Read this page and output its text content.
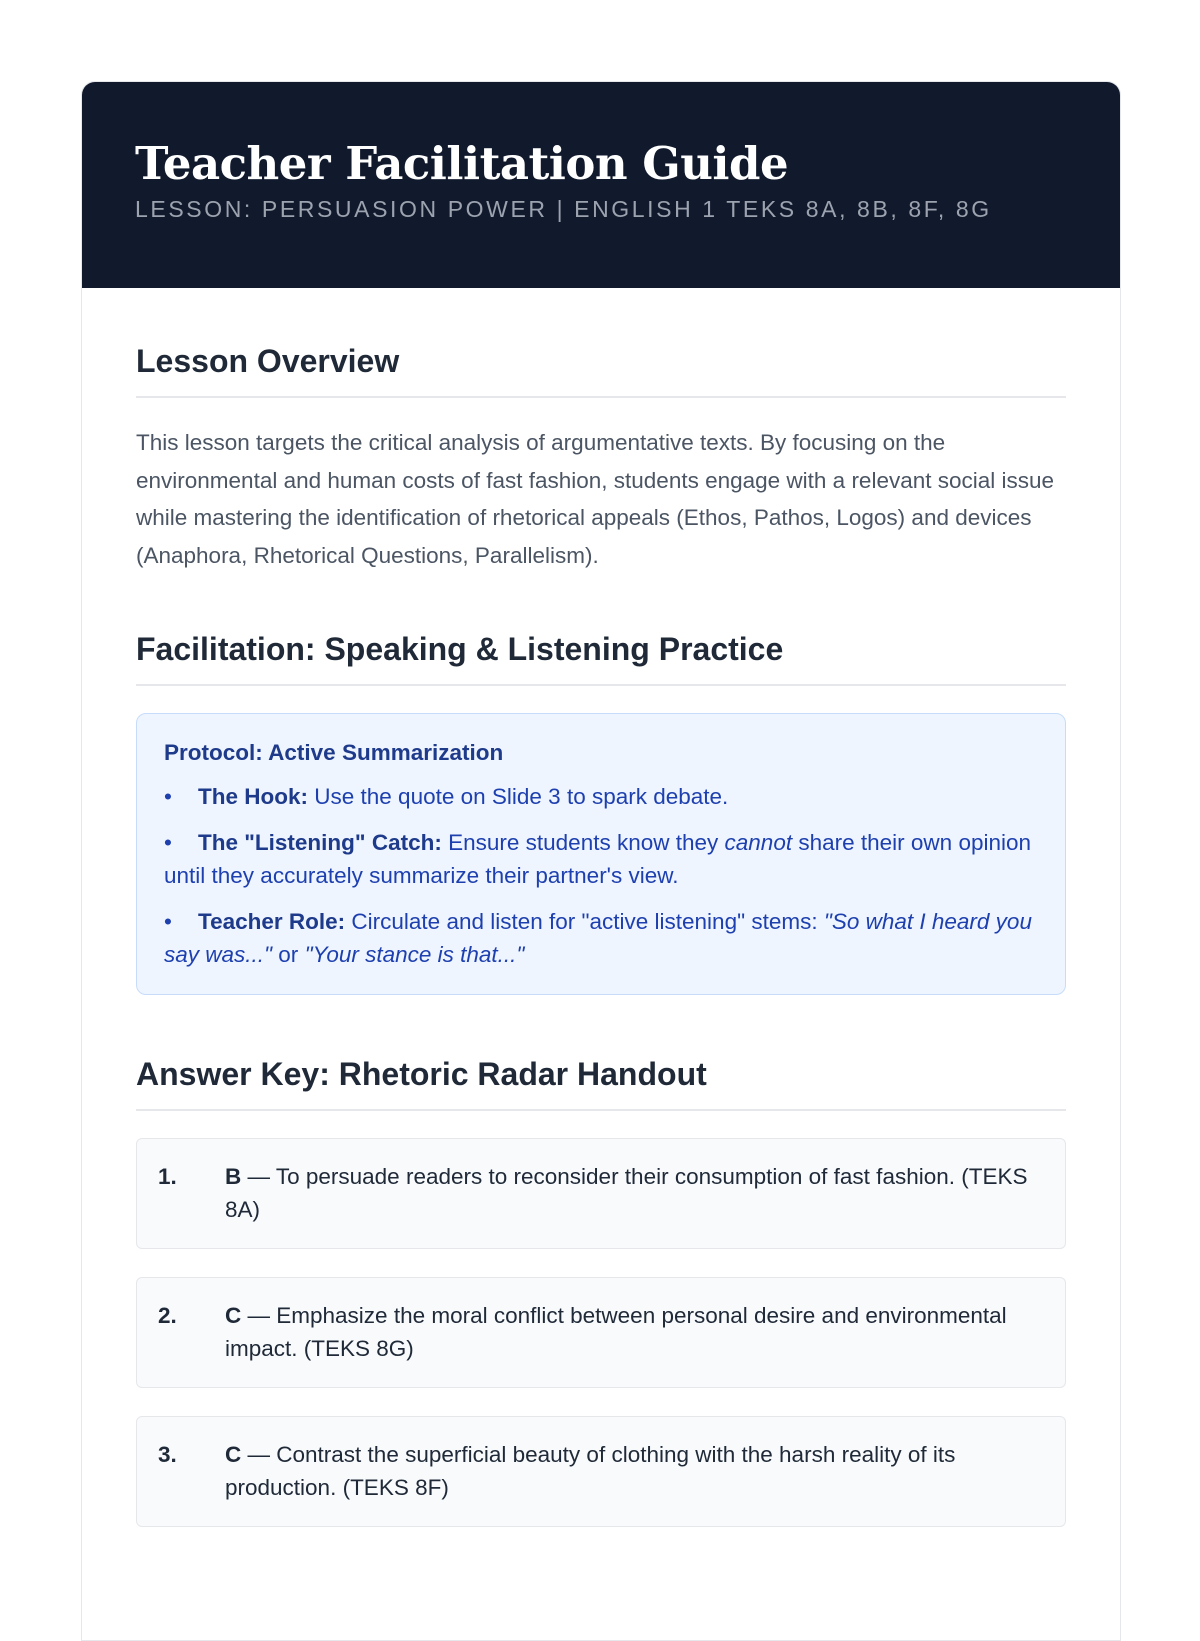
Teacher Facilitation Guide
LESSON: PERSUASION POWER | ENGLISH 1 TEKS 8A, 8B, 8F, 8G
Lesson Overview

This lesson targets the critical analysis of argumentative texts. By focusing on the environmental and human costs of fast fashion, students engage with a relevant social issue while mastering the identification of rhetorical appeals (Ethos, Pathos, Logos) and devices (Anaphora, Rhetorical Questions, Parallelism).

Facilitation: Speaking & Listening Practice
Protocol: Active Summarization
• The Hook: Use the quote on Slide 3 to spark debate.
• The "Listening" Catch: Ensure students know they cannot share their own opinion until they accurately summarize their partner's view.
• Teacher Role: Circulate and listen for "active listening" stems: "So what I heard you say was..." or "Your stance is that..."
Answer Key: Rhetoric Radar Handout
1.	B — To persuade readers to reconsider their consumption of fast fashion. (TEKS 8A)
2.	C — Emphasize the moral conflict between personal desire and environmental impact. (TEKS 8G)
3.	C — Contrast the superficial beauty of clothing with the harsh reality of its production. (TEKS 8F)
